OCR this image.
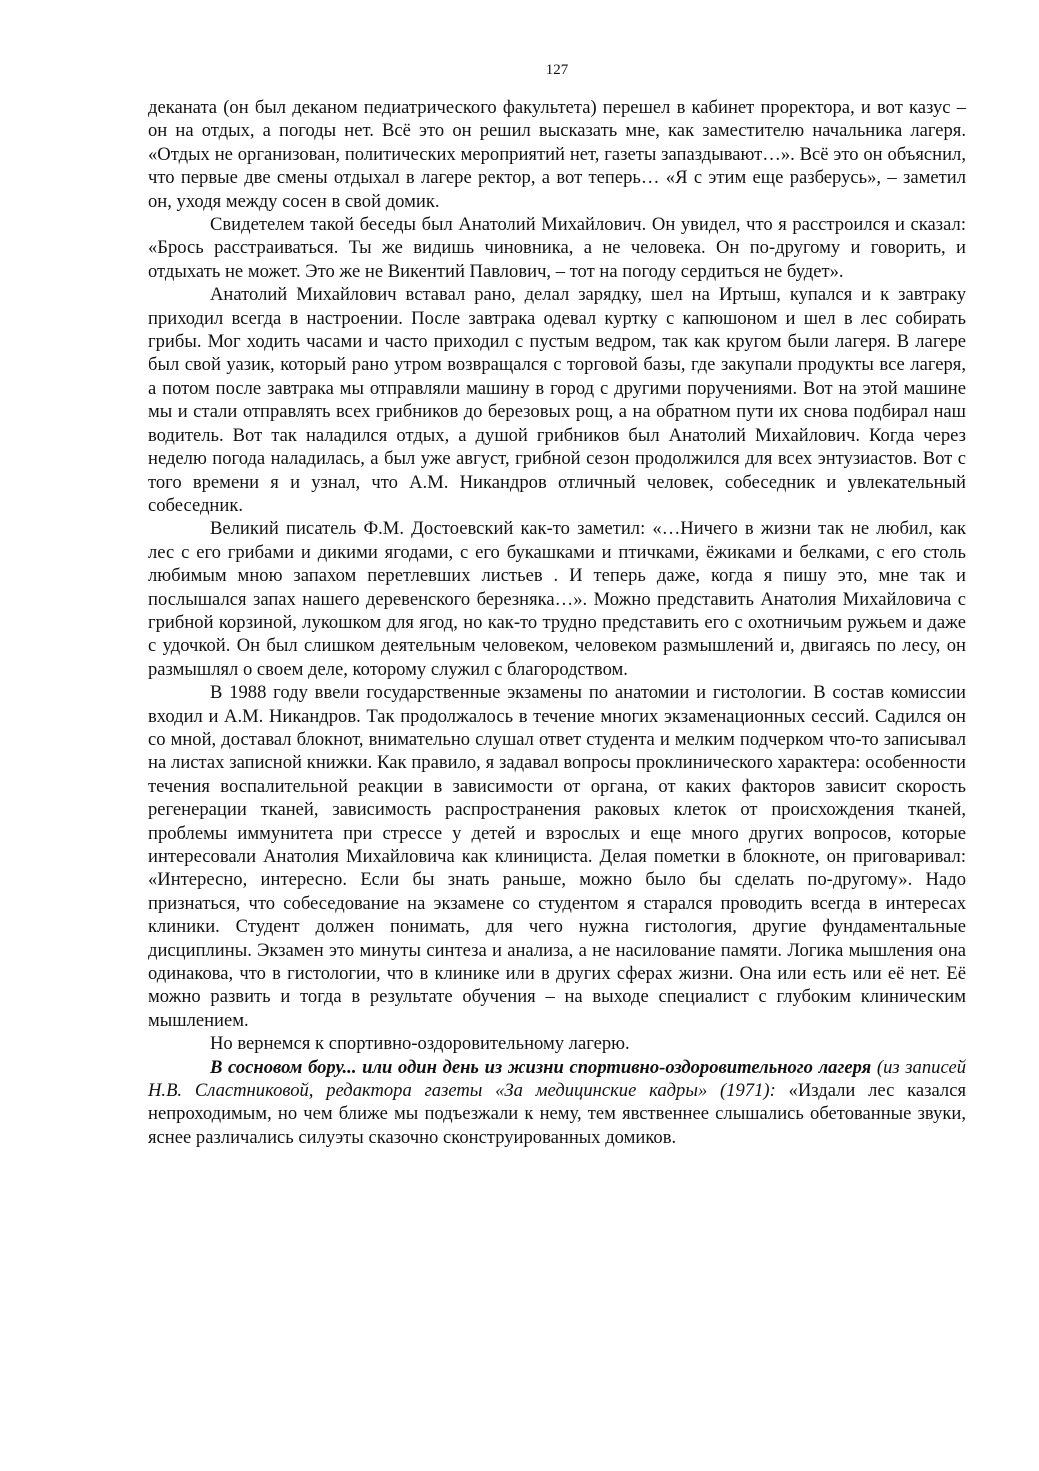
127

деканата (он был деканом педиатрического факультета) перешел в кабинет проректора, и вот казус – он на отдых, а погоды нет. Всё это он решил высказать мне, как заместителю начальника лагеря. «Отдых не организован, политических мероприятий нет, газеты запаздывают…». Всё это он объяснил, что первые две смены отдыхал в лагере ректор, а вот теперь… «Я с этим еще разберусь», – заметил он, уходя между сосен в свой домик.

Свидетелем такой беседы был Анатолий Михайлович. Он увидел, что я расстроился и сказал: «Брось расстраиваться. Ты же видишь чиновника, а не человека. Он по-другому и говорить, и отдыхать не может. Это же не Викентий Павлович, – тот на погоду сердиться не будет».

Анатолий Михайлович вставал рано, делал зарядку, шел на Иртыш, купался и к завтраку приходил всегда в настроении. После завтрака одевал куртку с капюшоном и шел в лес собирать грибы. Мог ходить часами и часто приходил с пустым ведром, так как кругом были лагеря. В лагере был свой уазик, который рано утром возвращался с торговой базы, где закупали продукты все лагеря, а потом после завтрака мы отправляли машину в город с другими поручениями. Вот на этой машине мы и стали отправлять всех грибников до березовых рощ, а на обратном пути их снова подбирал наш водитель. Вот так наладился отдых, а душой грибников был Анатолий Михайлович. Когда через неделю погода наладилась, а был уже август, грибной сезон продолжился для всех энтузиастов. Вот с того времени я и узнал, что А.М. Никандров отличный человек, собеседник и увлекательный собеседник.

Великий писатель Ф.М. Достоевский как-то заметил: «…Ничего в жизни так не любил, как лес с его грибами и дикими ягодами, с его букашками и птичками, ёжиками и белками, с его столь любимым мною запахом перетлевших листьев . И теперь даже, когда я пишу это, мне так и послышался запах нашего деревенского березняка…». Можно представить Анатолия Михайловича с грибной корзиной, лукошком для ягод, но как-то трудно представить его с охотничьим ружьем и даже с удочкой. Он был слишком деятельным человеком, человеком размышлений и, двигаясь по лесу, он размышлял о своем деле, которому служил с благородством.

В 1988 году ввели государственные экзамены по анатомии и гистологии. В состав комиссии входил и А.М. Никандров. Так продолжалось в течение многих экзаменационных сессий. Садился он со мной, доставал блокнот, внимательно слушал ответ студента и мелким подчерком что-то записывал на листах записной книжки. Как правило, я задавал вопросы проклинического характера: особенности течения воспалительной реакции в зависимости от органа, от каких факторов зависит скорость регенерации тканей, зависимость распространения раковых клеток от происхождения тканей, проблемы иммунитета при стрессе у детей и взрослых и еще много других вопросов, которые интересовали Анатолия Михайловича как клинициста. Делая пометки в блокноте, он приговаривал: «Интересно, интересно. Если бы знать раньше, можно было бы сделать по-другому». Надо признаться, что собеседование на экзамене со студентом я старался проводить всегда в интересах клиники. Студент должен понимать, для чего нужна гистология, другие фундаментальные дисциплины. Экзамен это минуты синтеза и анализа, а не насилование памяти. Логика мышления она одинакова, что в гистологии, что в клинике или в других сферах жизни. Она или есть или её нет. Её можно развить и тогда в результате обучения – на выходе специалист с глубоким клиническим мышлением.

Но вернемся к спортивно-оздоровительному лагерю.

В сосновом бору... или один день из жизни спортивно-оздоровительного лагеря (из записей Н.В. Сластниковой, редактора газеты «За медицинские кадры» (1971): «Издали лес казался непроходимым, но чем ближе мы подъезжали к нему, тем явственнее слышались обетованные звуки, яснее различались силуэты сказочно сконструированных домиков.
